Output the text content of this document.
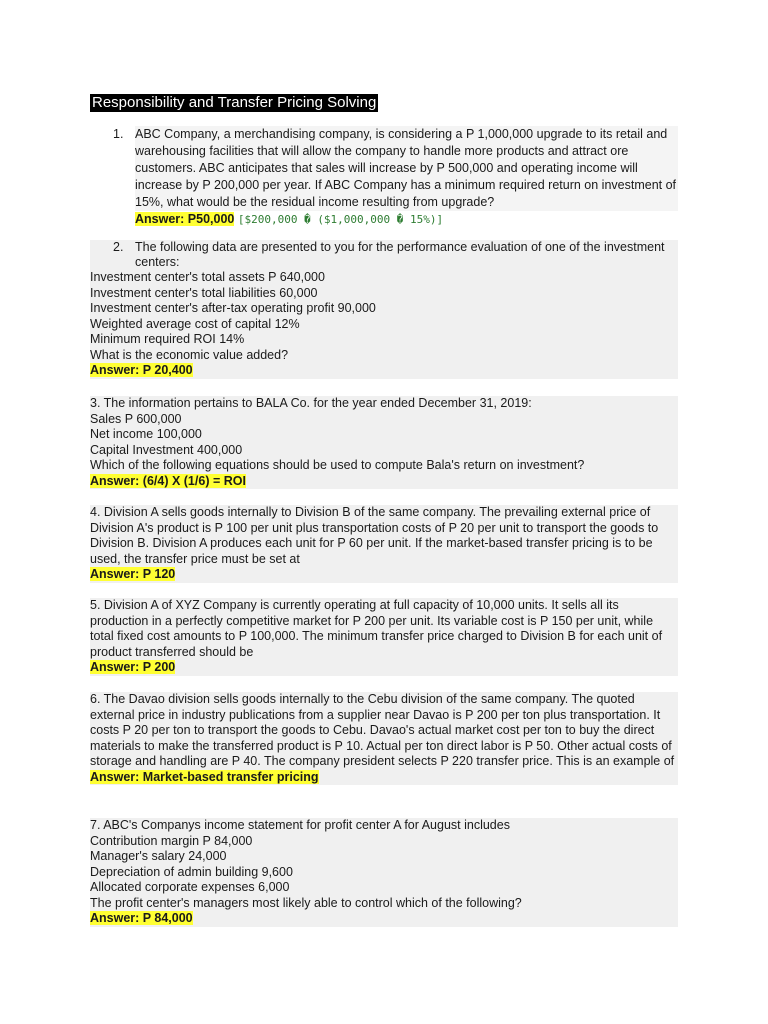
Responsibility and Transfer Pricing Solving
1. ABC Company, a merchandising company, is considering a P 1,000,000 upgrade to its retail and warehousing facilities that will allow the company to handle more products and attract ore customers. ABC anticipates that sales will increase by P 500,000 and operating income will increase by P 200,000 per year. If ABC Company has a minimum required return on investment of 15%, what would be the residual income resulting from upgrade?
Answer: P50,000 [$200,000 � ($1,000,000 � 15%)]
2. The following data are presented to you for the performance evaluation of one of the investment centers:
Investment center's total assets P 640,000
Investment center's total liabilities 60,000
Investment center's after-tax operating profit 90,000
Weighted average cost of capital 12%
Minimum required ROI 14%
What is the economic value added?
Answer: P 20,400
3. The information pertains to BALA Co. for the year ended December 31, 2019:
Sales P 600,000
Net income 100,000
Capital Investment 400,000
Which of the following equations should be used to compute Bala's return on investment?
Answer: (6/4) X (1/6) = ROI
4. Division A sells goods internally to Division B of the same company. The prevailing external price of Division A's product is P 100 per unit plus transportation costs of P 20 per unit to transport the goods to Division B. Division A produces each unit for P 60 per unit. If the market-based transfer pricing is to be used, the transfer price must be set at
Answer: P 120
5. Division A of XYZ Company is currently operating at full capacity of 10,000 units. It sells all its production in a perfectly competitive market for P 200 per unit. Its variable cost is P 150 per unit, while total fixed cost amounts to P 100,000. The minimum transfer price charged to Division B for each unit of product transferred should be
Answer: P 200
6. The Davao division sells goods internally to the Cebu division of the same company. The quoted external price in industry publications from a supplier near Davao is P 200 per ton plus transportation. It costs P 20 per ton to transport the goods to Cebu. Davao's actual market cost per ton to buy the direct materials to make the transferred product is P 10. Actual per ton direct labor is P 50. Other actual costs of storage and handling are P 40. The company president selects P 220 transfer price. This is an example of
Answer: Market-based transfer pricing
7. ABC's Companys income statement for profit center A for August includes
Contribution margin P 84,000
Manager's salary 24,000
Depreciation of admin building 9,600
Allocated corporate expenses 6,000
The profit center's managers most likely able to control which of the following?
Answer: P 84,000
